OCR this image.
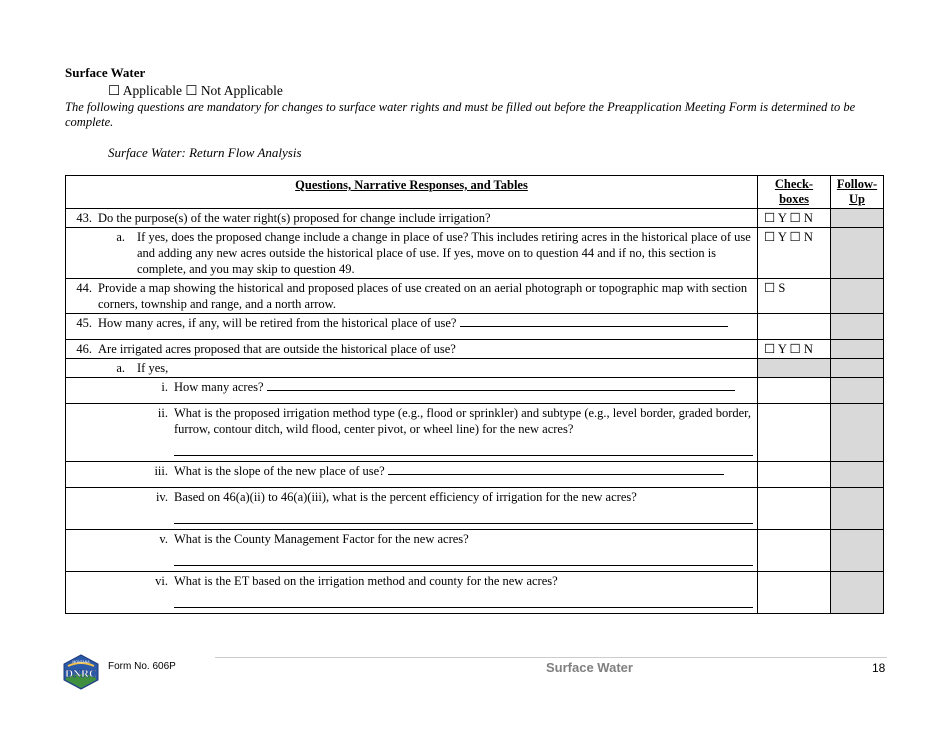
Surface Water
☐ Applicable ☐ Not Applicable
The following questions are mandatory for changes to surface water rights and must be filled out before the Preapplication Meeting Form is determined to be complete.
Surface Water: Return Flow Analysis
Questions, Narrative Responses, and Tables	Check-boxes	Follow-Up

43. Do the purpose(s) of the water right(s) proposed for change include irrigation?	☐ Y ☐ N	

a. If yes, does the proposed change include a change in place of use? This includes retiring acres in the historical place of use and adding any new acres outside the historical place of use. If yes, move on to question 44 and if no, this section is complete, and you may skip to question 49.	☐ Y ☐ N	

44. Provide a map showing the historical and proposed places of use created on an aerial photograph or topographic map with section corners, township and range, and a north arrow.	☐ S	

45. How many acres, if any, will be retired from the historical place of use?		

46. Are irrigated acres proposed that are outside the historical place of use?	☐ Y ☐ N	

a. If yes,		

i. How many acres?		

ii. What is the proposed irrigation method type (e.g., flood or sprinkler) and subtype (e.g., level border, graded border, furrow, contour ditch, wild flood, center pivot, or wheel line) for the new acres?		

iii. What is the slope of the new place of use?		

iv. Based on 46(a)(ii) to 46(a)(iii), what is the percent efficiency of irrigation for the new acres?		

v. What is the County Management Factor for the new acres?		

vi. What is the ET based on the irrigation method and county for the new acres?		

MONTANA
DNRC
Form No. 606P	Surface Water	18
